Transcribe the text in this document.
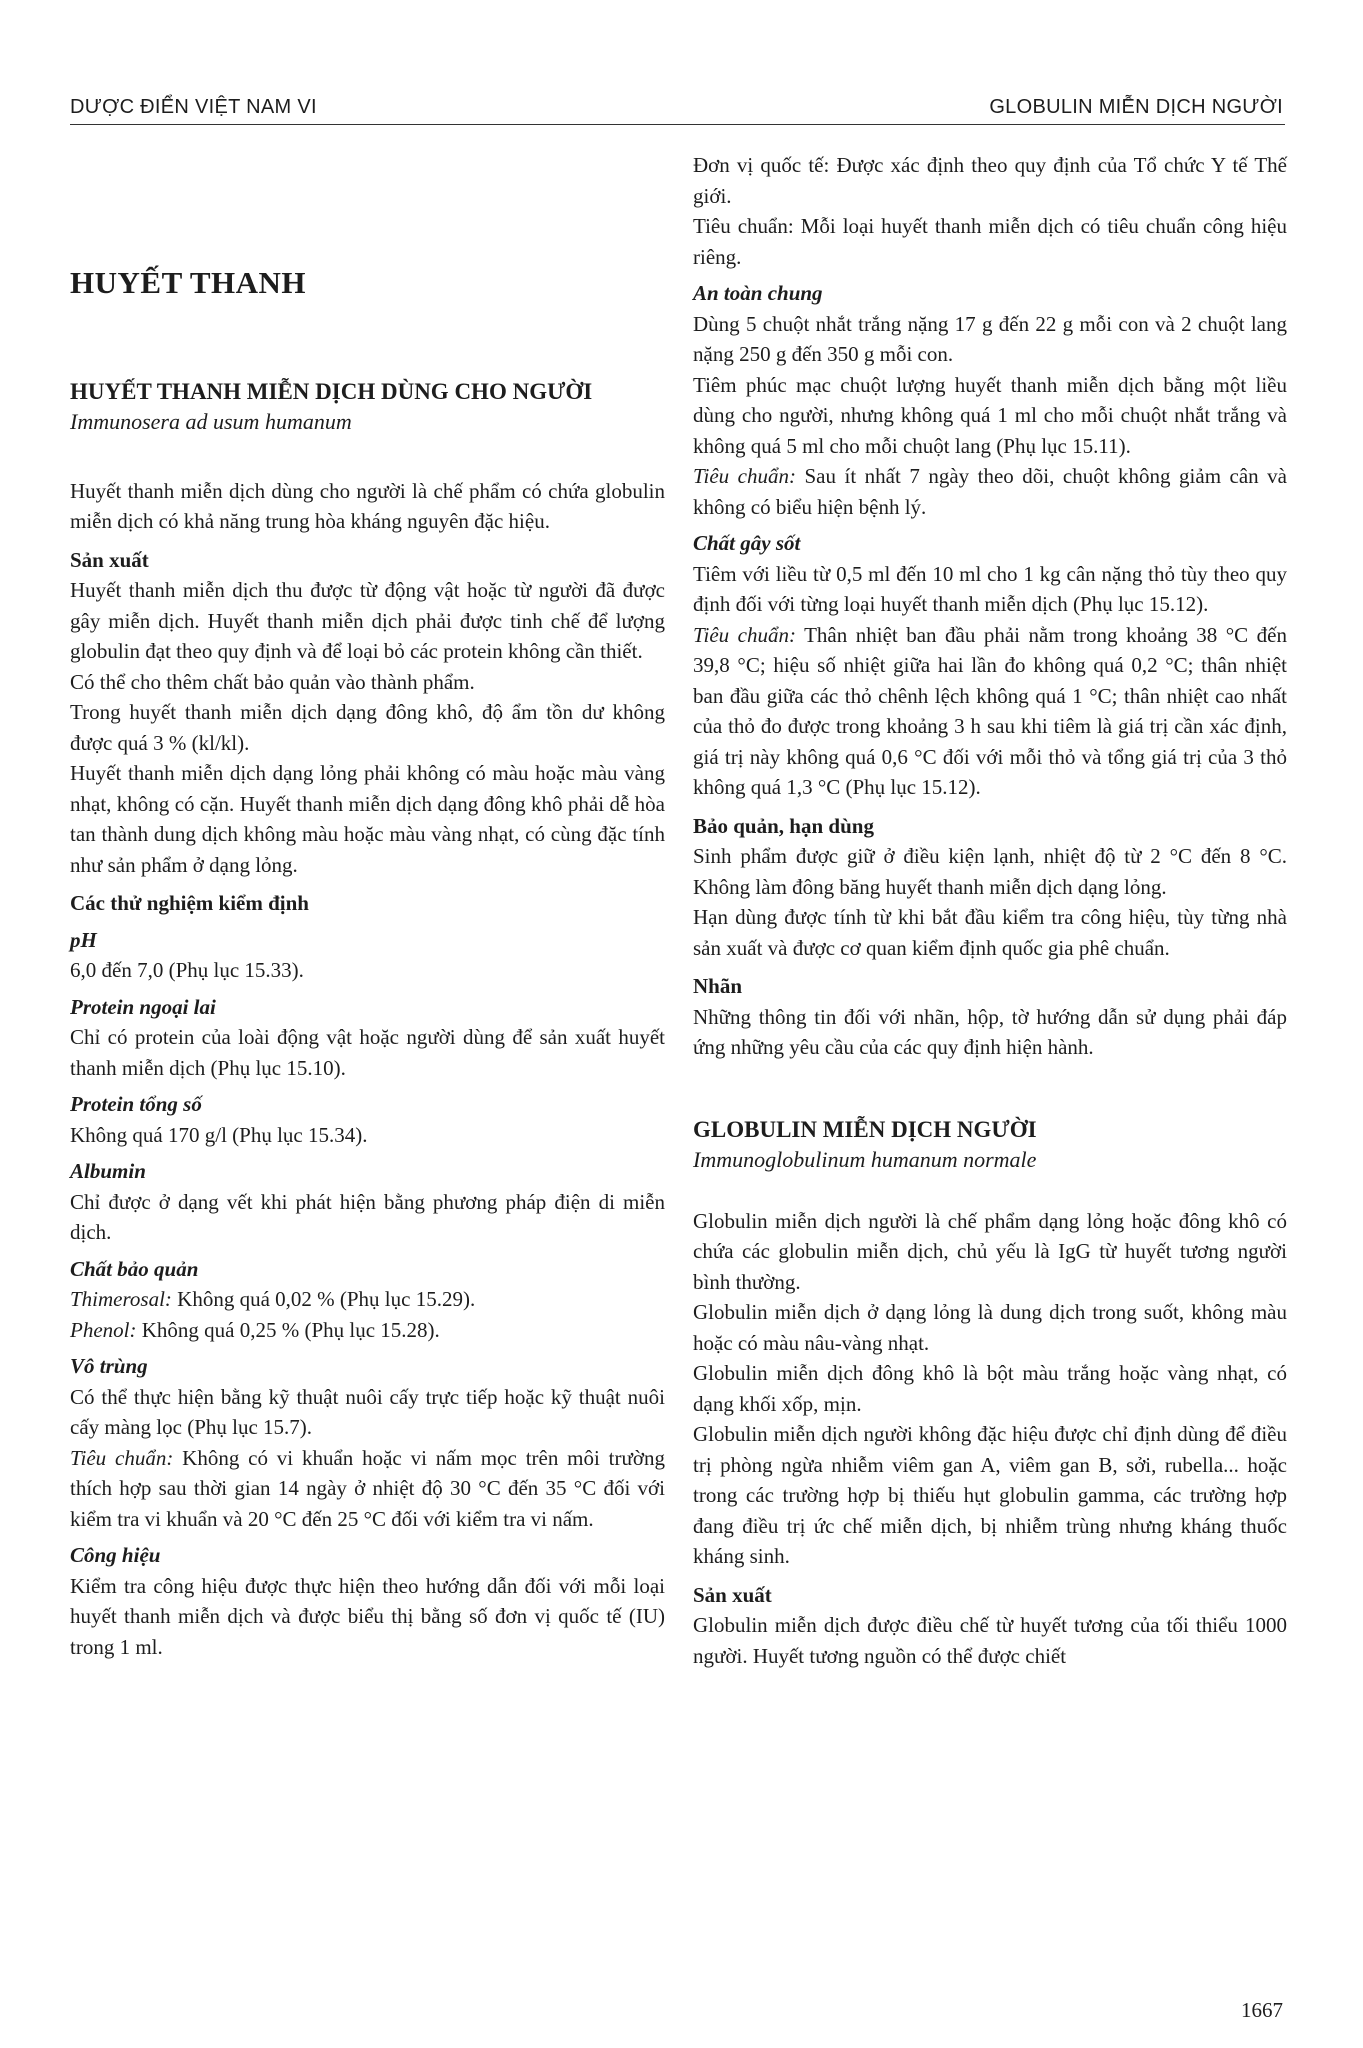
DƯỢC ĐIỂN VIỆT NAM VI	GLOBULIN MIỄN DỊCH NGƯỜI

HUYẾT THANH

HUYẾT THANH MIỄN DỊCH DÙNG CHO NGƯỜI

Immunosera ad usum humanum

Huyết thanh miễn dịch dùng cho người là chế phẩm có chứa globulin miễn dịch có khả năng trung hòa kháng nguyên đặc hiệu.

Sản xuất

Huyết thanh miễn dịch thu được từ động vật hoặc từ người đã được gây miễn dịch. Huyết thanh miễn dịch phải được tinh chế để lượng globulin đạt theo quy định và để loại bỏ các protein không cần thiết.

Có thể cho thêm chất bảo quản vào thành phẩm.

Trong huyết thanh miễn dịch dạng đông khô, độ ẩm tồn dư không được quá 3 % (kl/kl).

Huyết thanh miễn dịch dạng lỏng phải không có màu hoặc màu vàng nhạt, không có cặn. Huyết thanh miễn dịch dạng đông khô phải dễ hòa tan thành dung dịch không màu hoặc màu vàng nhạt, có cùng đặc tính như sản phẩm ở dạng lỏng.

Các thử nghiệm kiểm định

pH

6,0 đến 7,0 (Phụ lục 15.33).

Protein ngoại lai

Chỉ có protein của loài động vật hoặc người dùng để sản xuất huyết thanh miễn dịch (Phụ lục 15.10).

Protein tổng số

Không quá 170 g/l (Phụ lục 15.34).

Albumin

Chỉ được ở dạng vết khi phát hiện bằng phương pháp điện di miễn dịch.

Chất bảo quản

Thimerosal: Không quá 0,02 % (Phụ lục 15.29).

Phenol: Không quá 0,25 % (Phụ lục 15.28).

Vô trùng

Có thể thực hiện bằng kỹ thuật nuôi cấy trực tiếp hoặc kỹ thuật nuôi cấy màng lọc (Phụ lục 15.7).

Tiêu chuẩn: Không có vi khuẩn hoặc vi nấm mọc trên môi trường thích hợp sau thời gian 14 ngày ở nhiệt độ 30 °C đến 35 °C đối với kiểm tra vi khuẩn và 20 °C đến 25 °C đối với kiểm tra vi nấm.

Công hiệu

Kiểm tra công hiệu được thực hiện theo hướng dẫn đối với mỗi loại huyết thanh miễn dịch và được biểu thị bằng số đơn vị quốc tế (IU) trong 1 ml.

Đơn vị quốc tế: Được xác định theo quy định của Tổ chức Y tế Thế giới.

Tiêu chuẩn: Mỗi loại huyết thanh miễn dịch có tiêu chuẩn công hiệu riêng.

An toàn chung

Dùng 5 chuột nhắt trắng nặng 17 g đến 22 g mỗi con và 2 chuột lang nặng 250 g đến 350 g mỗi con.

Tiêm phúc mạc chuột lượng huyết thanh miễn dịch bằng một liều dùng cho người, nhưng không quá 1 ml cho mỗi chuột nhắt trắng và không quá 5 ml cho mỗi chuột lang (Phụ lục 15.11).

Tiêu chuẩn: Sau ít nhất 7 ngày theo dõi, chuột không giảm cân và không có biểu hiện bệnh lý.

Chất gây sốt

Tiêm với liều từ 0,5 ml đến 10 ml cho 1 kg cân nặng thỏ tùy theo quy định đối với từng loại huyết thanh miễn dịch (Phụ lục 15.12).

Tiêu chuẩn: Thân nhiệt ban đầu phải nằm trong khoảng 38 °C đến 39,8 °C; hiệu số nhiệt giữa hai lần đo không quá 0,2 °C; thân nhiệt ban đầu giữa các thỏ chênh lệch không quá 1 °C; thân nhiệt cao nhất của thỏ đo được trong khoảng 3 h sau khi tiêm là giá trị cần xác định, giá trị này không quá 0,6 °C đối với mỗi thỏ và tổng giá trị của 3 thỏ không quá 1,3 °C (Phụ lục 15.12).

Bảo quản, hạn dùng

Sinh phẩm được giữ ở điều kiện lạnh, nhiệt độ từ 2 °C đến 8 °C. Không làm đông băng huyết thanh miễn dịch dạng lỏng.

Hạn dùng được tính từ khi bắt đầu kiểm tra công hiệu, tùy từng nhà sản xuất và được cơ quan kiểm định quốc gia phê chuẩn.

Nhãn

Những thông tin đối với nhãn, hộp, tờ hướng dẫn sử dụng phải đáp ứng những yêu cầu của các quy định hiện hành.

GLOBULIN MIỄN DỊCH NGƯỜI

Immunoglobulinum humanum normale

Globulin miễn dịch người là chế phẩm dạng lỏng hoặc đông khô có chứa các globulin miễn dịch, chủ yếu là IgG từ huyết tương người bình thường.

Globulin miễn dịch ở dạng lỏng là dung dịch trong suốt, không màu hoặc có màu nâu-vàng nhạt.

Globulin miễn dịch đông khô là bột màu trắng hoặc vàng nhạt, có dạng khối xốp, mịn.

Globulin miễn dịch người không đặc hiệu được chỉ định dùng để điều trị phòng ngừa nhiễm viêm gan A, viêm gan B, sởi, rubella... hoặc trong các trường hợp bị thiếu hụt globulin gamma, các trường hợp đang điều trị ức chế miễn dịch, bị nhiễm trùng nhưng kháng thuốc kháng sinh.

Sản xuất

Globulin miễn dịch được điều chế từ huyết tương của tối thiểu 1000 người. Huyết tương nguồn có thể được chiết

1667
